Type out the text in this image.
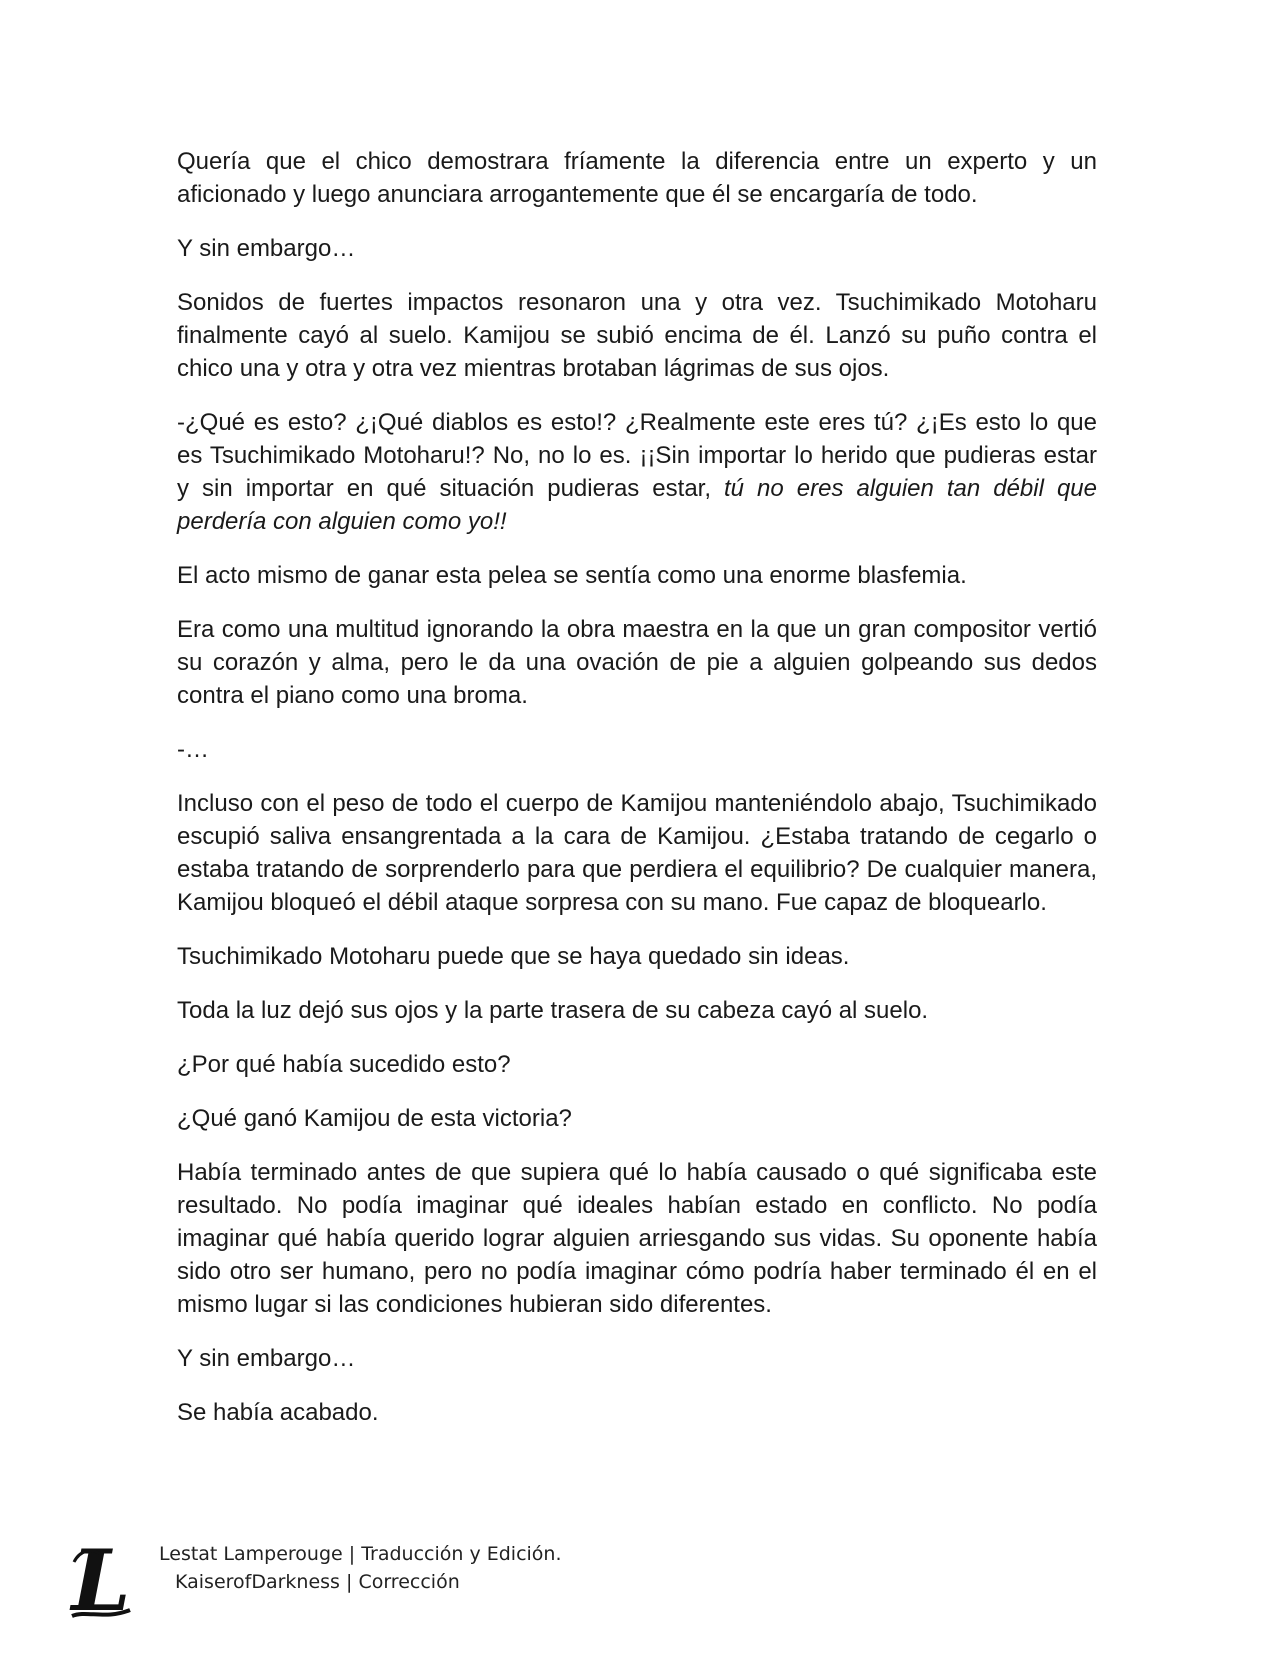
Quería que el chico demostrara fríamente la diferencia entre un experto y un aficionado y luego anunciara arrogantemente que él se encargaría de todo.

Y sin embargo…

Sonidos de fuertes impactos resonaron una y otra vez. Tsuchimikado Motoharu finalmente cayó al suelo. Kamijou se subió encima de él. Lanzó su puño contra el chico una y otra y otra vez mientras brotaban lágrimas de sus ojos.

-¿Qué es esto? ¿¡Qué diablos es esto!? ¿Realmente este eres tú? ¿¡Es esto lo que es Tsuchimikado Motoharu!? No, no lo es. ¡¡Sin importar lo herido que pudieras estar y sin importar en qué situación pudieras estar, tú no eres alguien tan débil que perdería con alguien como yo!!

El acto mismo de ganar esta pelea se sentía como una enorme blasfemia.

Era como una multitud ignorando la obra maestra en la que un gran compositor vertió su corazón y alma, pero le da una ovación de pie a alguien golpeando sus dedos contra el piano como una broma.

-…

Incluso con el peso de todo el cuerpo de Kamijou manteniéndolo abajo, Tsuchimikado escupió saliva ensangrentada a la cara de Kamijou. ¿Estaba tratando de cegarlo o estaba tratando de sorprenderlo para que perdiera el equilibrio? De cualquier manera, Kamijou bloqueó el débil ataque sorpresa con su mano. Fue capaz de bloquearlo.

Tsuchimikado Motoharu puede que se haya quedado sin ideas.

Toda la luz dejó sus ojos y la parte trasera de su cabeza cayó al suelo.

¿Por qué había sucedido esto?

¿Qué ganó Kamijou de esta victoria?

Había terminado antes de que supiera qué lo había causado o qué significaba este resultado. No podía imaginar qué ideales habían estado en conflicto. No podía imaginar qué había querido lograr alguien arriesgando sus vidas. Su oponente había sido otro ser humano, pero no podía imaginar cómo podría haber terminado él en el mismo lugar si las condiciones hubieran sido diferentes.

Y sin embargo…

Se había acabado.

L Lestat Lamperouge | Traducción y Edición.
KaiserofDarkness | Corrección
